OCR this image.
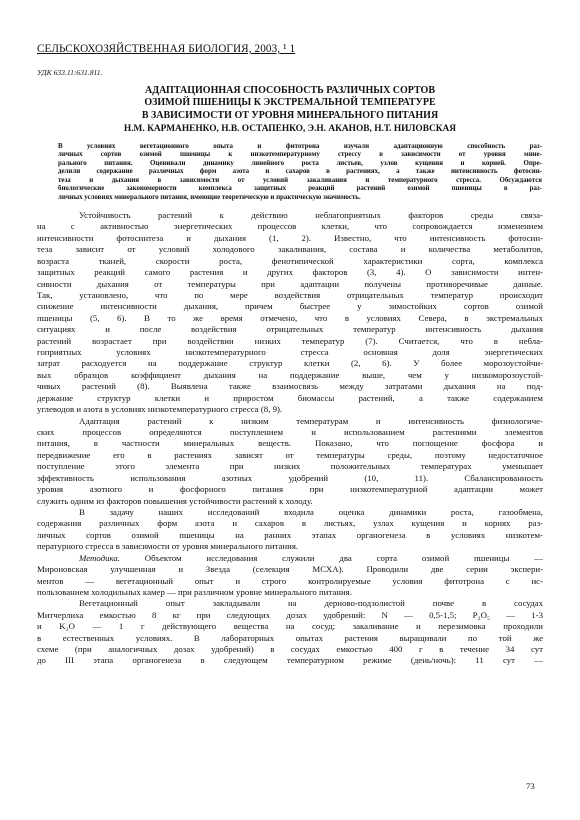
СЕЛЬСКОХОЗЯЙСТВЕННАЯ БИОЛОГИЯ, 2003, ¹ 1
УДК 633.11:631.811.
АДАПТАЦИОННАЯ СПОСОБНОСТЬ РАЗЛИЧНЫХ СОРТОВ
ОЗИМОЙ ПШЕНИЦЫ К ЭКСТРЕМАЛЬНОЙ ТЕМПЕРАТУРЕ
В ЗАВИСИМОСТИ ОТ УРОВНЯ МИНЕРАЛЬНОГО ПИТАНИЯ
Н.М. КАРМАНЕНКО, Н.В. ОСТАПЕНКО, Э.Н. АКАНОВ, Н.Т. НИЛОВСКАЯ
В условиях вегетационного опыта и фитотрона изучали адаптационную способность раз-
личных сортов озимой пшеницы к низкотемпературному стрессу в зависимости от уровня мине-
рального питания. Оценивали динамику линейного роста листьев, узлов кущения и корней. Опре-
делили содержание различных форм азота и сахаров в растениях, а также интенсивность фотосин-
теза и дыхания в зависимости от условий закаливания и температурного стресса. Обсуждаются
биологические закономерности комплекса защитных реакций растений озимой пшеницы в раз-
личных условиях минерального питания, имеющие теоретическую и практическую значимость.
Устойчивость растений к действию неблагоприятных факторов среды связа-
на с активностью энергетических процессов клетки, что сопровождается изменением
интенсивности фотосинтеза и дыхания (1, 2). Известно, что интенсивность фотосин-
теза зависит от условий холодового закаливания, состава и количества метаболитов,
возраста тканей, скорости роста, фенотипической характеристики сорта, комплекса
защитных реакций самого растения и других факторов (3, 4). О зависимости интен-
сивности дыхания от температуры при адаптации получены противоречивые данные.
Так, установлено, что по мере воздействия отрицательных температур происходит
снижение интенсивности дыхания, причем быстрее у зимостойких сортов озимой
пшеницы (5, 6). В то же время отмечено, что в условиях Севера, в экстремальных
ситуациях и после воздействия отрицательных температур интенсивность дыхания
растений возрастает при воздействии низких температур (7). Считается, что в небла-
гоприятных условиях низкотемпературного стресса основная доля энергетических
затрат расходуется на поддержание структур клетки (2, 6). У более морозоустойчи-
вых образцов коэффициент дыхания на поддержание выше, чем у низкоморозоустой-
чивых растений (8). Выявлена также взаимосвязь между затратами дыхания на под-
держание структур клетки и приростом биомассы растений, а также содержанием
углеводов и азота в условиях низкотемпературного стресса (8, 9).
Адаптация растений к низким температурам и интенсивность физиологиче-
ских процессов определяются поступлением и использованием растениями элементов
питания, в частности минеральных веществ. Показано, что поглощение фосфора и
передвижение его в растениях зависят от температуры среды, поэтому недостаточное
поступление этого элемента при низких положительных температурах уменьшает
эффективность использования азотных удобрений (10, 11). Сбалансированность
уровня азотного и фосфорного питания при низкотемпературной адаптации может
служить одним из факторов повышения устойчивости растений к холоду.
В задачу наших исследований входила оценка динамики роста, газообмена,
содержания различных форм азота и сахаров в листьях, узлах кущения и корнях раз-
личных сортов озимой пшеницы на ранних этапах органогенеза в условиях низкотем-
пературного стресса в зависимости от уровня минерального питания.
Методика.	Объектом исследования служили два сорта озимой пшеницы —
Мироновская улучшенная и Звезда (селекция МСХА). Проводили две серии экспери-
ментов — вегетационный опыт и строго контролируемые условия фитотрона с ис-
пользованием холодильных камер — при различном уровне минерального питания.
Вегетационный опыт закладывали на дерново-подзолистой почве в сосудах
Митчерлиха емкостью 8 кг при следующих дозах удобрений: N — 0,5-1,5; P₂O₅ — 1-3
и K₂O — 1 г действующего вещества на сосуд; закаливание и перезимовка проходили
в естественных условиях. В лабораторных опытах растения выращивали по той же
схеме (при аналогичных дозах удобрений) в сосудах емкостью 400 г в течение 34 сут
до III этапа органогенеза в следующем температурном режиме (день/ночь): 11 сут —
73
